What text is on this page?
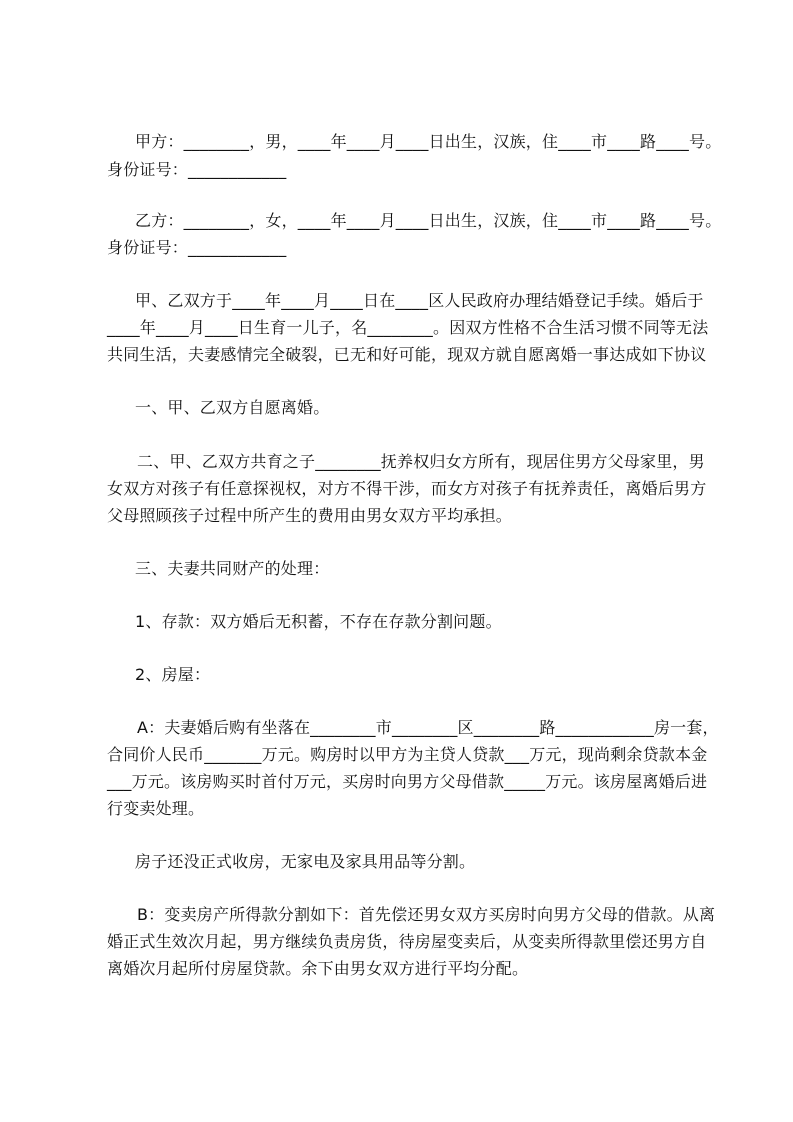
甲方：________，男，____年____月____日出生，汉族，住____市____路____号。
身份证号：____________
乙方：________，女，____年____月____日出生，汉族，住____市____路____号。
身份证号：____________
甲、乙双方于____年____月____日在____区人民政府办理结婚登记手续。婚后于
____年____月____日生育一儿子，名________。因双方性格不合生活习惯不同等无法
共同生活，夫妻感情完全破裂，已无和好可能，现双方就自愿离婚一事达成如下协议
一、甲、乙双方自愿离婚。
二、甲、乙双方共育之子________抚养权归女方所有，现居住男方父母家里，男
女双方对孩子有任意探视权，对方不得干涉，而女方对孩子有抚养责任，离婚后男方
父母照顾孩子过程中所产生的费用由男女双方平均承担。
三、夫妻共同财产的处理：
1、存款：双方婚后无积蓄，不存在存款分割问题。
2、房屋：
A：夫妻婚后购有坐落在________市________区________路____________房一套，
合同价人民币_______万元。购房时以甲方为主贷人贷款___万元，现尚剩余贷款本金
___万元。该房购买时首付万元，买房时向男方父母借款_____万元。该房屋离婚后进
行变卖处理。
房子还没正式收房，无家电及家具用品等分割。
B：变卖房产所得款分割如下：首先偿还男女双方买房时向男方父母的借款。从离
婚正式生效次月起，男方继续负责房货，待房屋变卖后，从变卖所得款里偿还男方自
离婚次月起所付房屋贷款。余下由男女双方进行平均分配。
